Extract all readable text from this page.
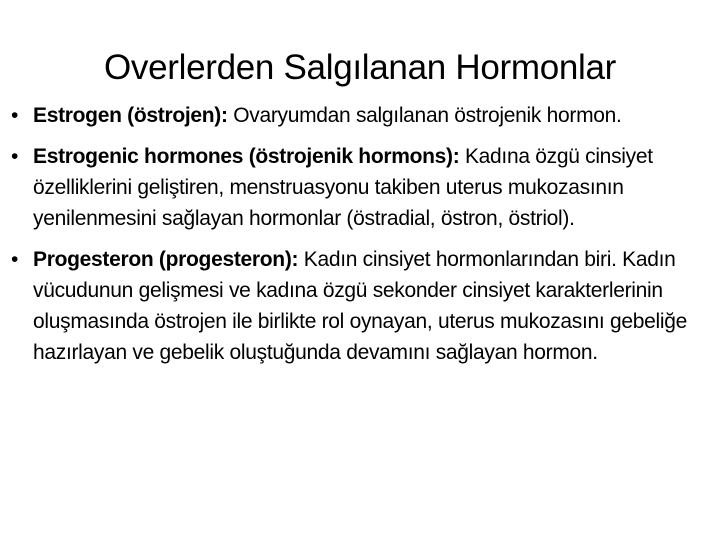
Overlerden Salgılanan Hormonlar
• Estrogen (östrojen): Ovaryumdan salgılanan östrojenik hormon.
• Estrogenic hormones (östrojenik hormons): Kadına özgü cinsiyet özelliklerini geliştiren, menstruasyonu takiben uterus mukozasının yenilenmesini sağlayan hormonlar (östradial, östron, östriol).
• Progesteron (progesteron): Kadın cinsiyet hormonlarından biri. Kadın vücudunun gelişmesi ve kadına özgü sekonder cinsiyet karakterlerinin oluşmasında östrojen ile birlikte rol oynayan, uterus mukozasını gebeliğe hazırlayan ve gebelik oluştuğunda devamını sağlayan hormon.
